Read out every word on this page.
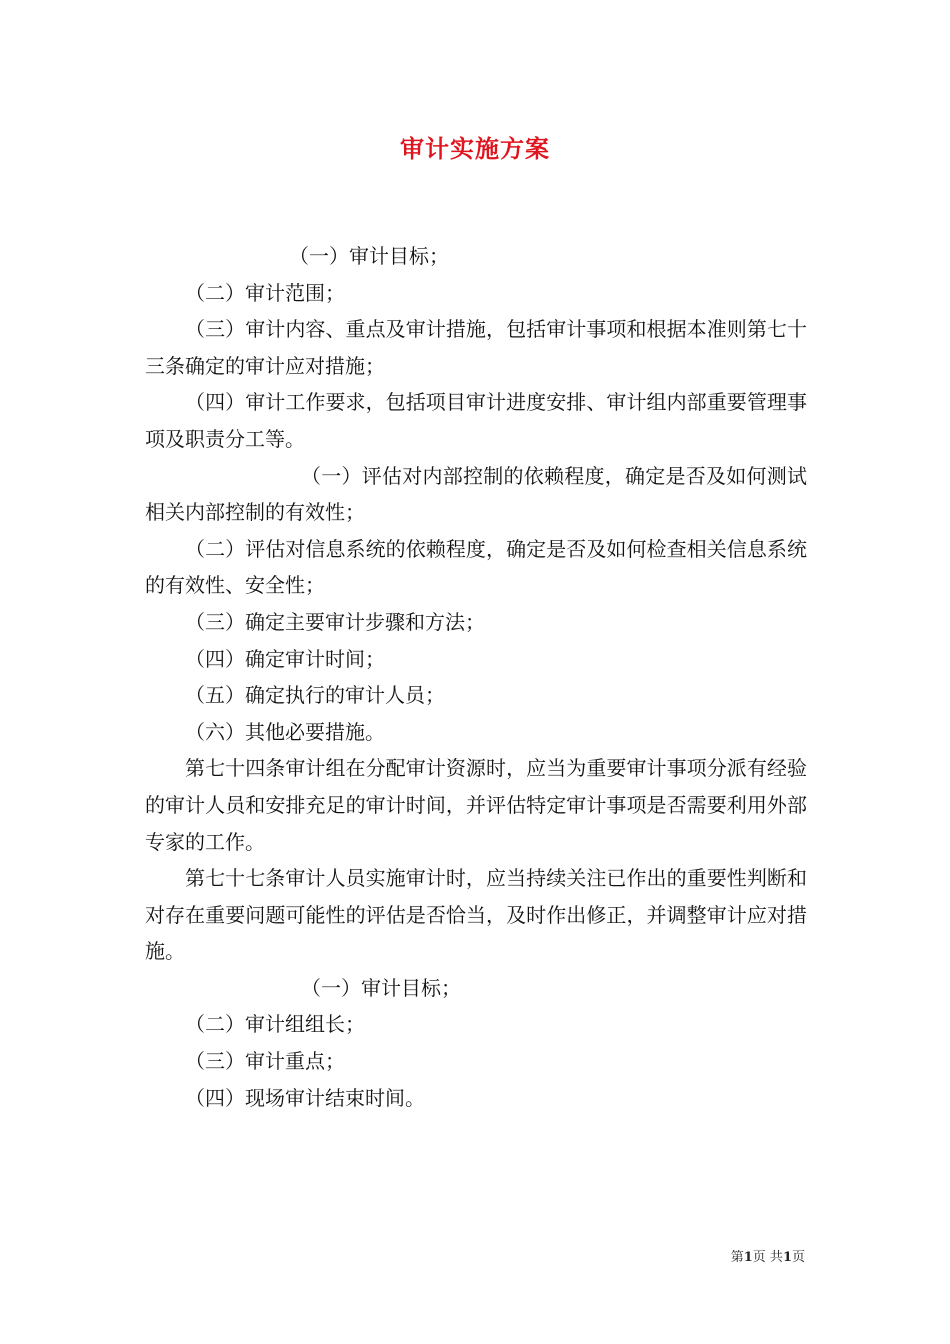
审计实施方案

（一）审计目标；

（二）审计范围；

（三）审计内容、重点及审计措施，包括审计事项和根据本准则第七十三条确定的审计应对措施；

（四）审计工作要求，包括项目审计进度安排、审计组内部重要管理事项及职责分工等。

（一）评估对内部控制的依赖程度，确定是否及如何测试相关内部控制的有效性；

（二）评估对信息系统的依赖程度，确定是否及如何检查相关信息系统的有效性、安全性；

（三）确定主要审计步骤和方法；

（四）确定审计时间；

（五）确定执行的审计人员；

（六）其他必要措施。

第七十四条审计组在分配审计资源时，应当为重要审计事项分派有经验的审计人员和安排充足的审计时间，并评估特定审计事项是否需要利用外部专家的工作。

第七十七条审计人员实施审计时，应当持续关注已作出的重要性判断和对存在重要问题可能性的评估是否恰当，及时作出修正，并调整审计应对措施。

（一）审计目标；

（二）审计组组长；

（三）审计重点；

（四）现场审计结束时间。

第1页 共1页
